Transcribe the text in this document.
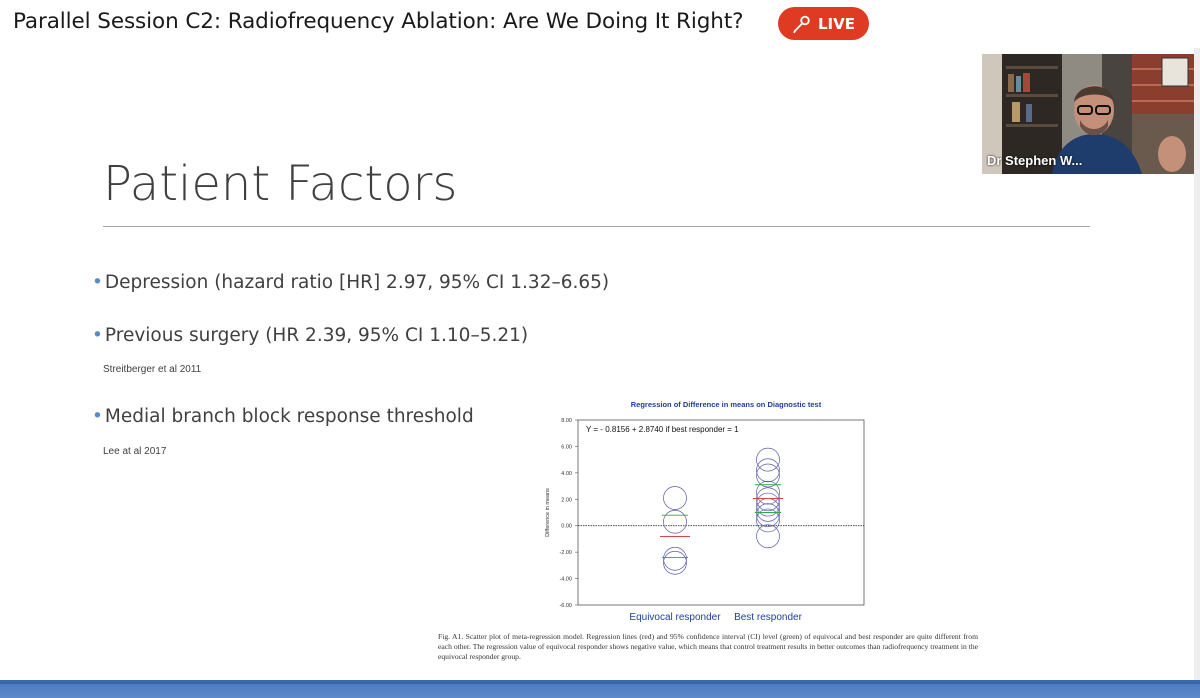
Parallel Session C2: Radiofrequency Ablation: Are We Doing It Right?	LIVE
Patient Factors
• Depression (hazard ratio [HR] 2.97, 95% CI 1.32–6.65)
• Previous surgery (HR 2.39, 95% CI 1.10–5.21)
Streitberger et al 2011
• Medial branch block response threshold
Lee at al 2017
Regression of Difference in means on Diagnostic test
Y = - 0.8156 + 2.8740 if best responder = 1
8.00
6.00
4.00
2.00
0.00
-2.00
-4.00
-6.00
Difference in means
Equivocal responder Best responder
Fig. A1. Scatter plot of meta-regression model. Regression lines (red) and 95% confidence interval (CI) level (green) of equivocal and best responder are quite different from each other. The regression value of equivocal responder shows negative value, which means that control treatment results in better outcomes than radiofrequency treatment in the equivocal responder group.
Dr Stephen W...
